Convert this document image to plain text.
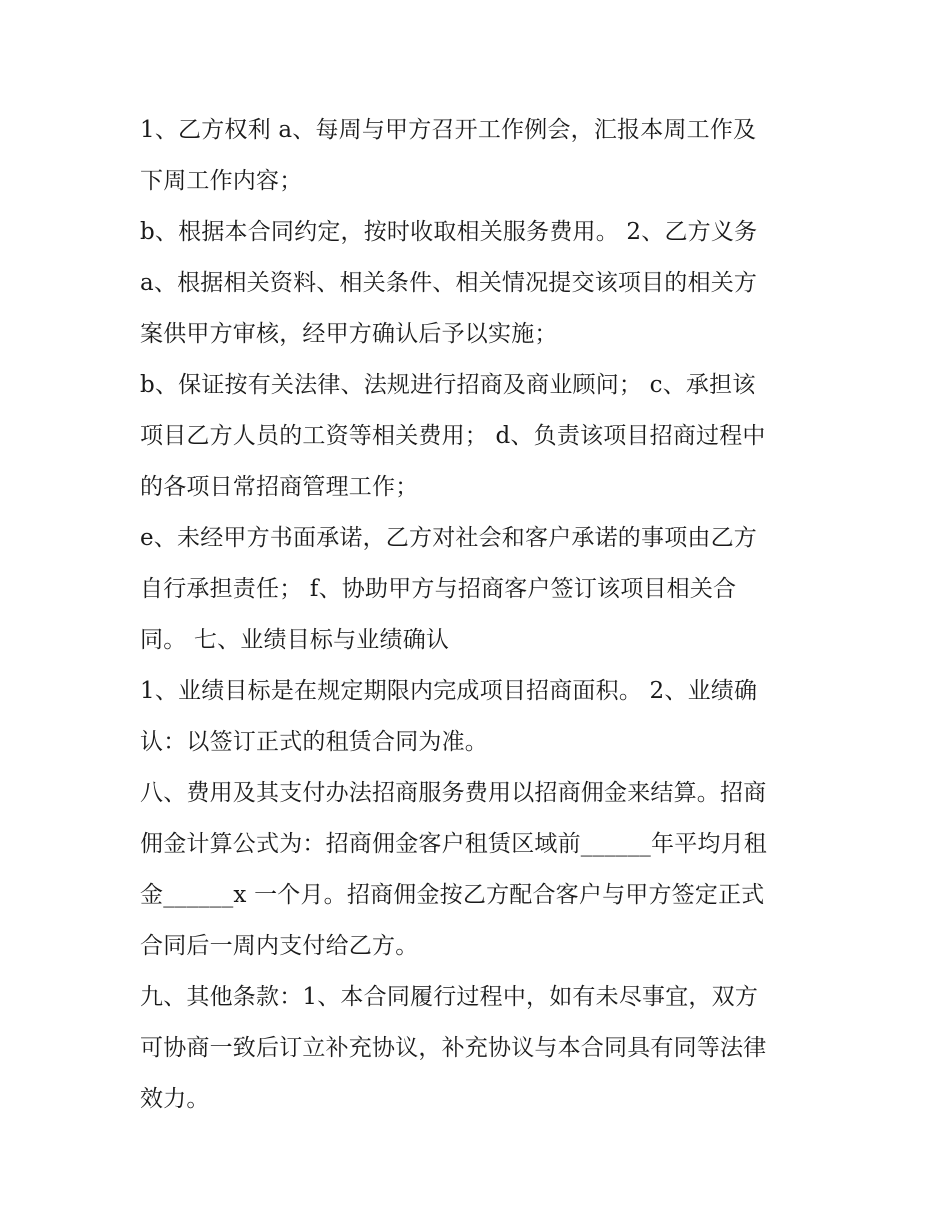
1、乙方权利 a、每周与甲方召开工作例会，汇报本周工作及
下周工作内容；
b、根据本合同约定，按时收取相关服务费用。 2、乙方义务
a、根据相关资料、相关条件、相关情况提交该项目的相关方
案供甲方审核，经甲方确认后予以实施；
b、保证按有关法律、法规进行招商及商业顾问； c、承担该
项目乙方人员的工资等相关费用； d、负责该项目招商过程中
的各项日常招商管理工作；
e、未经甲方书面承诺，乙方对社会和客户承诺的事项由乙方
自行承担责任； f、协助甲方与招商客户签订该项目相关合
同。 七、业绩目标与业绩确认
1、业绩目标是在规定期限内完成项目招商面积。 2、业绩确
认：以签订正式的租赁合同为准。
八、费用及其支付办法招商服务费用以招商佣金来结算。招商
佣金计算公式为：招商佣金客户租赁区域前______年平均月租
金______x 一个月。招商佣金按乙方配合客户与甲方签定正式
合同后一周内支付给乙方。
九、其他条款：1、本合同履行过程中，如有未尽事宜，双方
可协商一致后订立补充协议，补充协议与本合同具有同等法律
效力。
